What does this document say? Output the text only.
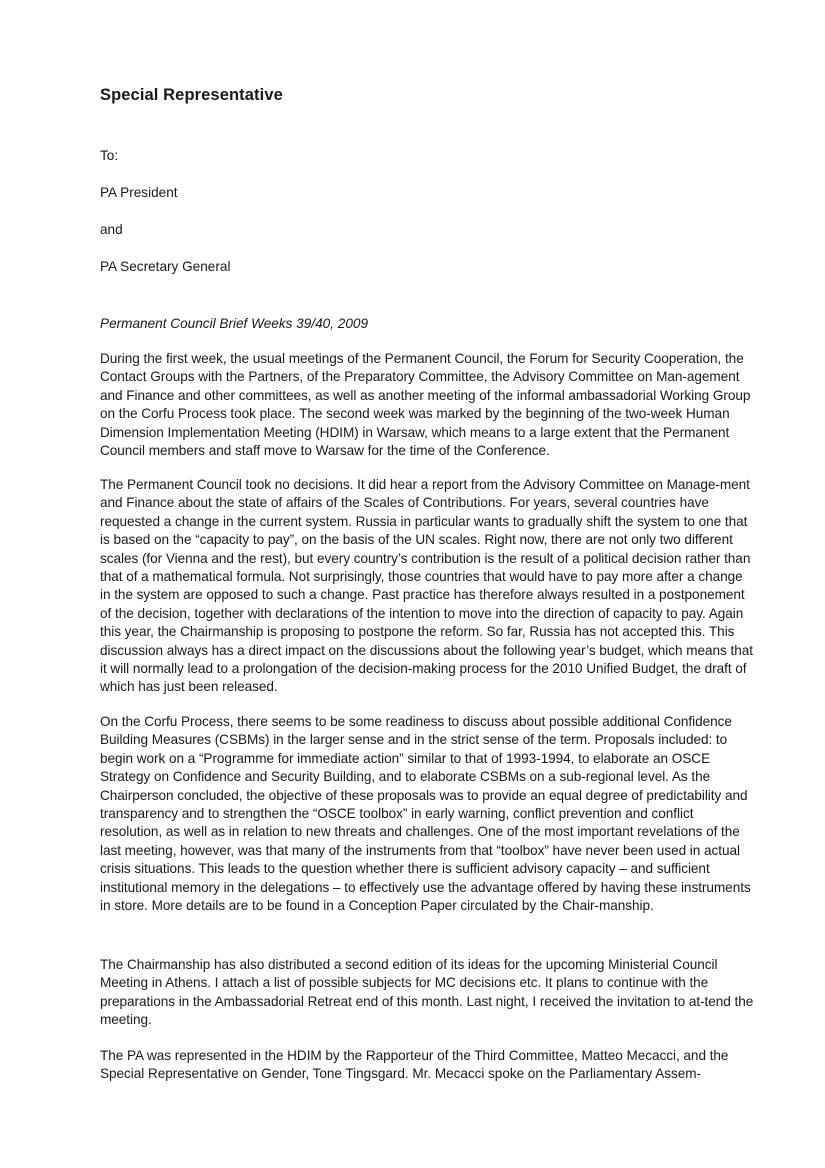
Special Representative

To:

PA President

and

PA Secretary General

Permanent Council Brief Weeks 39/40, 2009

During the first week, the usual meetings of the Permanent Council, the Forum for Security Cooperation, the Contact Groups with the Partners, of the Preparatory Committee, the Advisory Committee on Man-agement and Finance and other committees, as well as another meeting of the informal ambassadorial Working Group on the Corfu Process took place. The second week was marked by the beginning of the two-week Human Dimension Implementation Meeting (HDIM) in Warsaw, which means to a large extent that the Permanent Council members and staff move to Warsaw for the time of the Conference.

The Permanent Council took no decisions. It did hear a report from the Advisory Committee on Manage-ment and Finance about the state of affairs of the Scales of Contributions. For years, several countries have requested a change in the current system. Russia in particular wants to gradually shift the system to one that is based on the “capacity to pay”, on the basis of the UN scales. Right now, there are not only two different scales (for Vienna and the rest), but every country’s contribution is the result of a political decision rather than that of a mathematical formula. Not surprisingly, those countries that would have to pay more after a change in the system are opposed to such a change. Past practice has therefore always resulted in a postponement of the decision, together with declarations of the intention to move into the direction of capacity to pay. Again this year, the Chairmanship is proposing to postpone the reform. So far, Russia has not accepted this. This discussion always has a direct impact on the discussions about the following year’s budget, which means that it will normally lead to a prolongation of the decision-making process for the 2010 Unified Budget, the draft of which has just been released.

On the Corfu Process, there seems to be some readiness to discuss about possible additional Confidence Building Measures (CSBMs) in the larger sense and in the strict sense of the term. Proposals included: to begin work on a “Programme for immediate action” similar to that of 1993-1994, to elaborate an OSCE Strategy on Confidence and Security Building, and to elaborate CSBMs on a sub-regional level. As the Chairperson concluded, the objective of these proposals was to provide an equal degree of predictability and transparency and to strengthen the “OSCE toolbox” in early warning, conflict prevention and conflict resolution, as well as in relation to new threats and challenges. One of the most important revelations of the last meeting, however, was that many of the instruments from that “toolbox” have never been used in actual crisis situations. This leads to the question whether there is sufficient advisory capacity – and sufficient institutional memory in the delegations – to effectively use the advantage offered by having these instruments in store. More details are to be found in a Conception Paper circulated by the Chair-manship.

The Chairmanship has also distributed a second edition of its ideas for the upcoming Ministerial Council Meeting in Athens. I attach a list of possible subjects for MC decisions etc. It plans to continue with the preparations in the Ambassadorial Retreat end of this month. Last night, I received the invitation to at-tend the meeting.

The PA was represented in the HDIM by the Rapporteur of the Third Committee, Matteo Mecacci, and the Special Representative on Gender, Tone Tingsgard. Mr. Mecacci spoke on the Parliamentary Assem-
